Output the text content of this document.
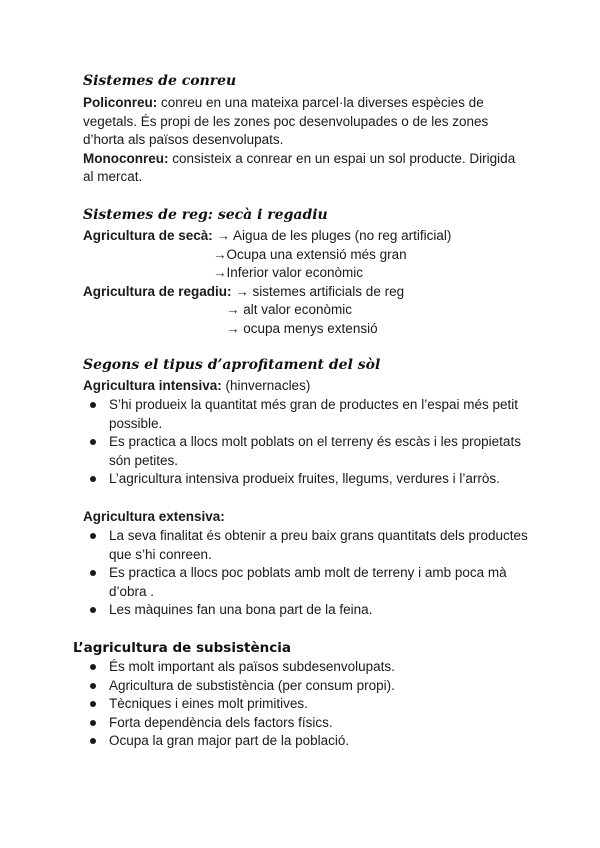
Sistemes de conreu
Policonreu: conreu en una mateixa parcel·la diverses espècies de vegetals. És propi de les zones poc desenvolupades o de les zones d’horta als països desenvolupats.
Monoconreu: consisteix a conrear en un espai un sol producte. Dirigida al mercat.
Sistemes de reg: secà i regadiu
Agricultura de secà: → Aigua de les pluges (no reg artificial)
→Ocupa una extensió més gran
→Inferior valor econòmic
Agricultura de regadiu: → sistemes artificials de reg
→ alt valor econòmic
→ ocupa menys extensió
Segons el tipus d’aprofitament del sòl
Agricultura intensiva: (hinvernacles)
S’hi produeix la quantitat més gran de productes en l’espai més petit possible.
Es practica a llocs molt poblats on el terreny és escàs i les propietats són petites.
L’agricultura intensiva produeix fruites, llegums, verdures i l’arròs.
Agricultura extensiva:
La seva finalitat és obtenir a preu baix grans quantitats dels productes que s’hi conreen.
Es practica a llocs poc poblats amb molt de terreny i amb poca mà d’obra .
Les màquines fan una bona part de la feina.
L’agricultura de subsistència
És molt important als països subdesenvolupats.
Agricultura de substistència (per consum propi).
Tècniques i eines molt primitives.
Forta dependència dels factors físics.
Ocupa la gran major part de la població.
